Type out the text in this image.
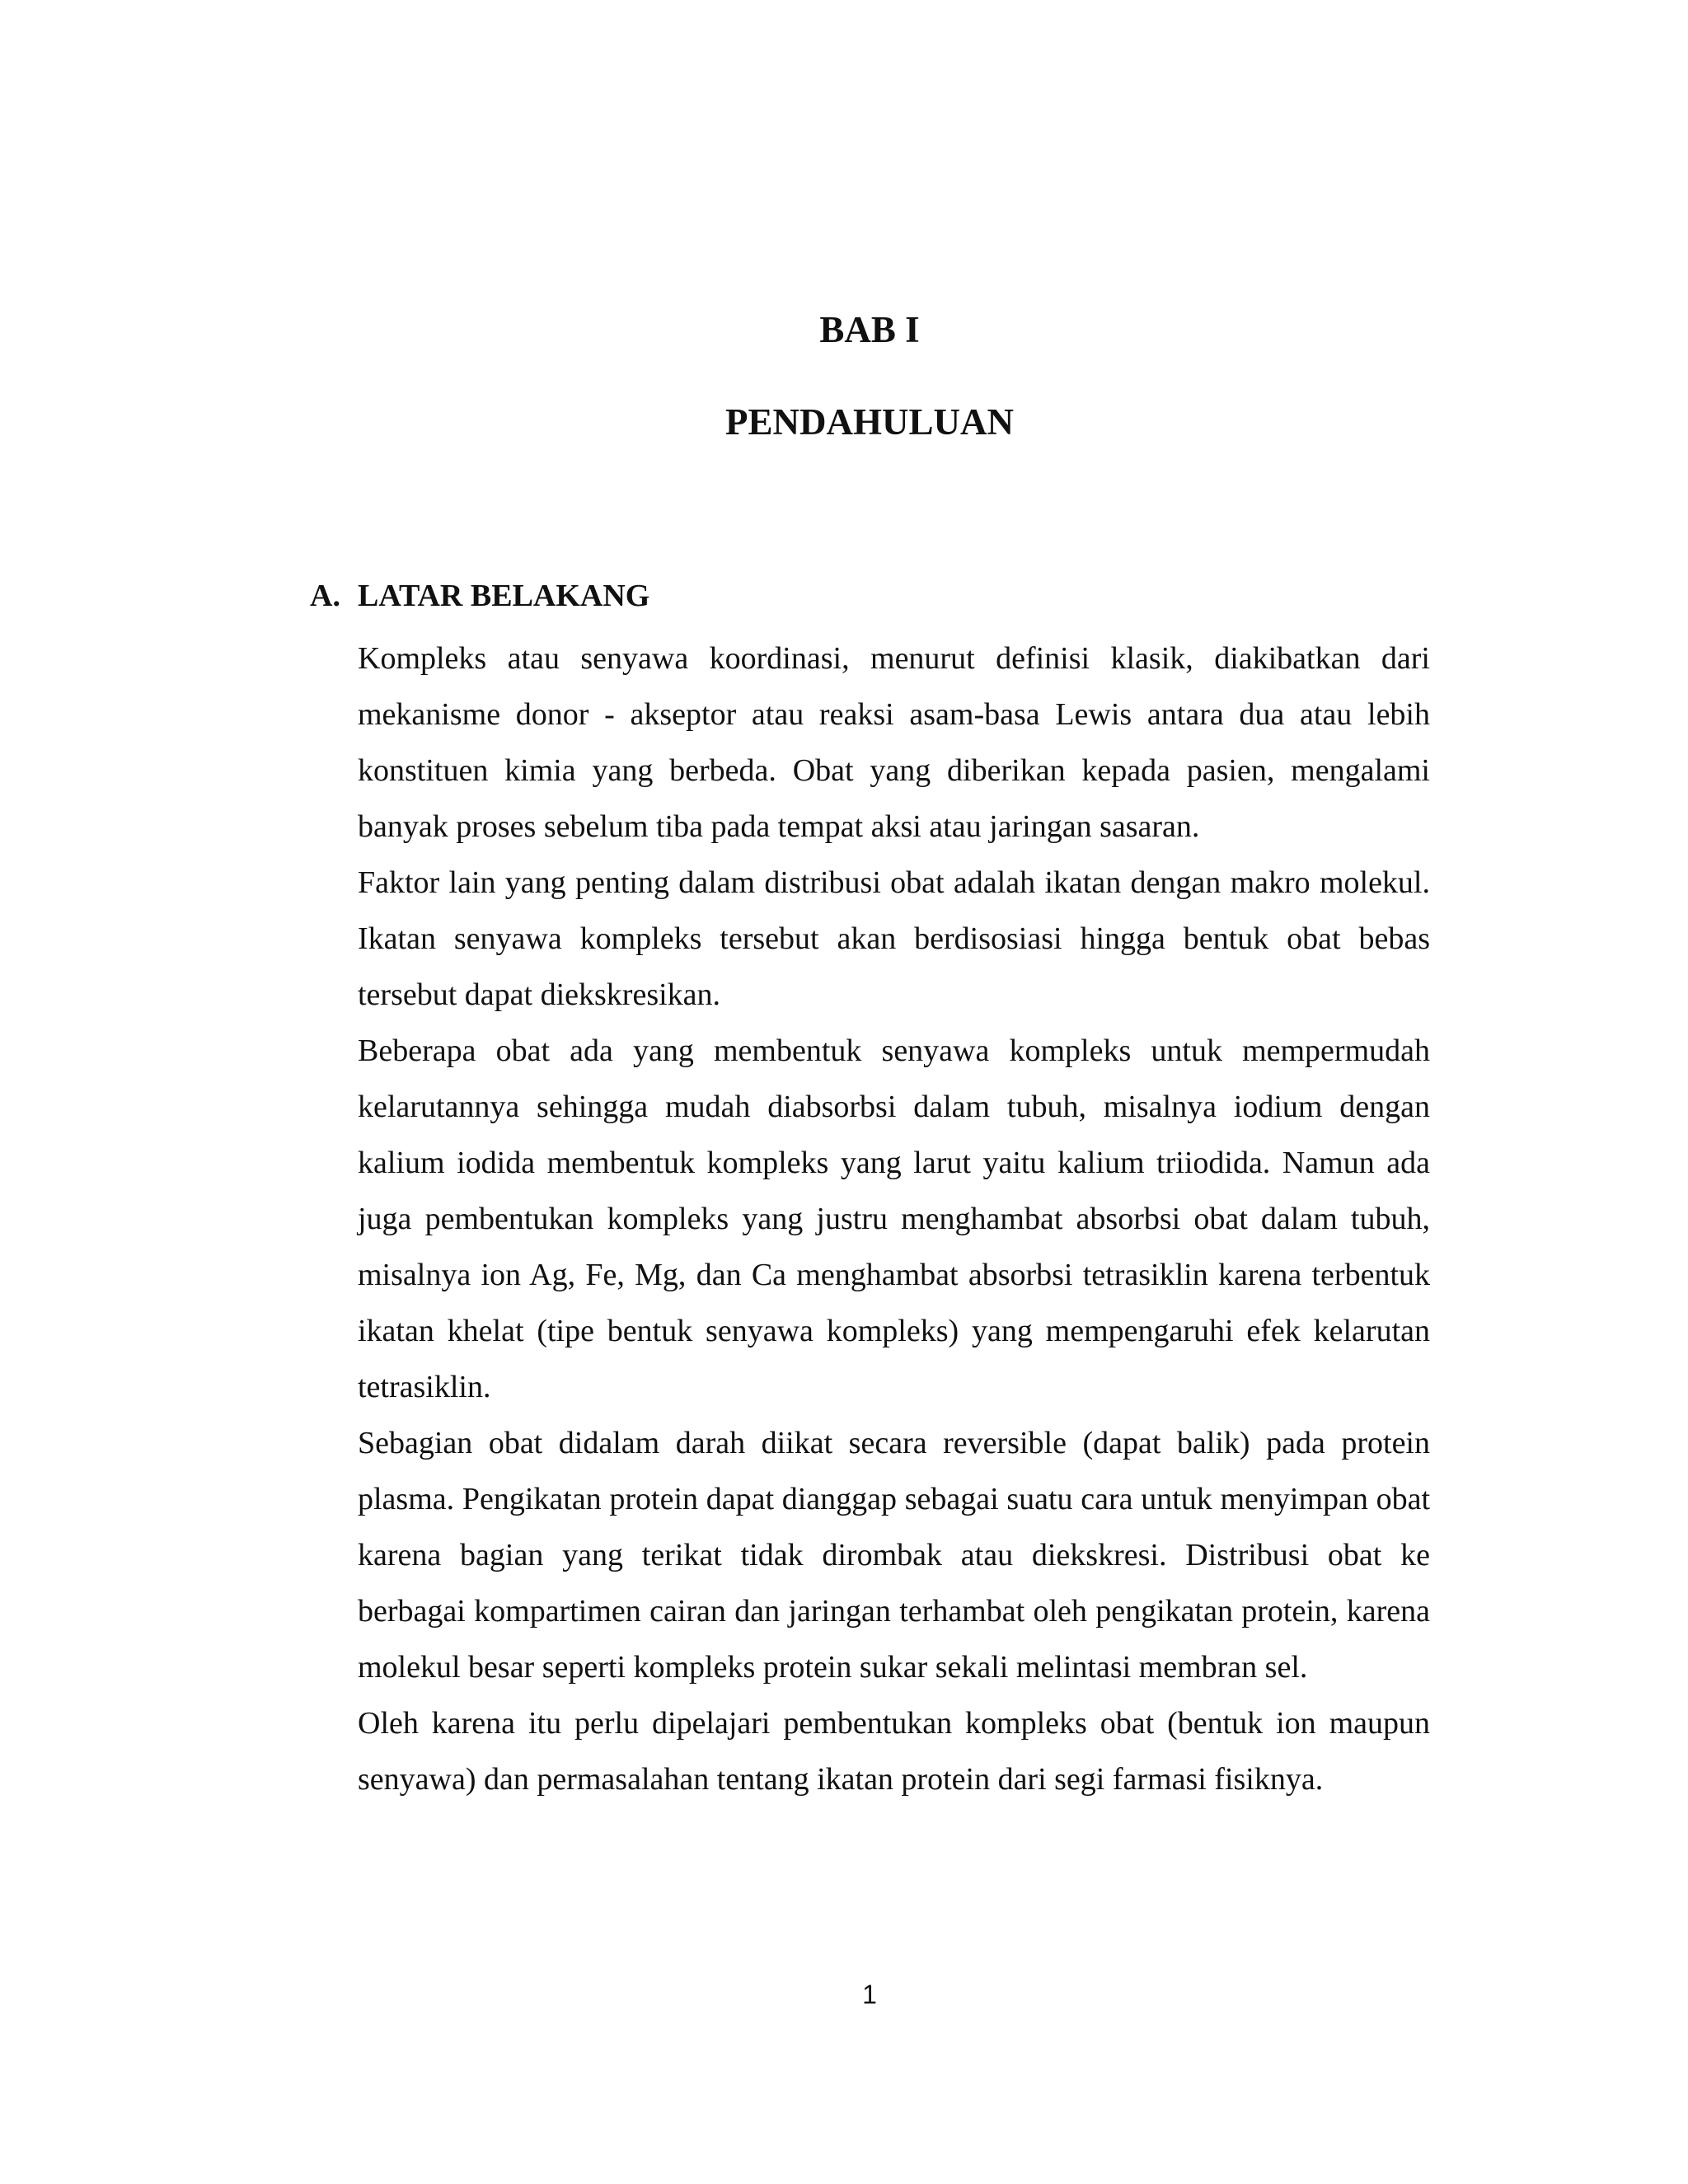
BAB I
PENDAHULUAN
A. LATAR BELAKANG

Kompleks atau senyawa koordinasi, menurut definisi klasik, diakibatkan dari mekanisme donor - akseptor atau reaksi asam-basa Lewis antara dua atau lebih konstituen kimia yang berbeda. Obat yang diberikan kepada pasien, mengalami banyak proses sebelum tiba pada tempat aksi atau jaringan sasaran.

Faktor lain yang penting dalam distribusi obat adalah ikatan dengan makro molekul. Ikatan senyawa kompleks tersebut akan berdisosiasi hingga bentuk obat bebas tersebut dapat diekskresikan.

Beberapa obat ada yang membentuk senyawa kompleks untuk mempermudah kelarutannya sehingga mudah diabsorbsi dalam tubuh, misalnya iodium dengan kalium iodida membentuk kompleks yang larut yaitu kalium triiodida. Namun ada juga pembentukan kompleks yang justru menghambat absorbsi obat dalam tubuh, misalnya ion Ag, Fe, Mg, dan Ca menghambat absorbsi tetrasiklin karena terbentuk ikatan khelat (tipe bentuk senyawa kompleks) yang mempengaruhi efek kelarutan tetrasiklin.

Sebagian obat didalam darah diikat secara reversible (dapat balik) pada protein plasma. Pengikatan protein dapat dianggap sebagai suatu cara untuk menyimpan obat karena bagian yang terikat tidak dirombak atau diekskresi. Distribusi obat ke berbagai kompartimen cairan dan jaringan terhambat oleh pengikatan protein, karena molekul besar seperti kompleks protein sukar sekali melintasi membran sel.

Oleh karena itu perlu dipelajari pembentukan kompleks obat (bentuk ion maupun senyawa) dan permasalahan tentang ikatan protein dari segi farmasi fisiknya.

1
